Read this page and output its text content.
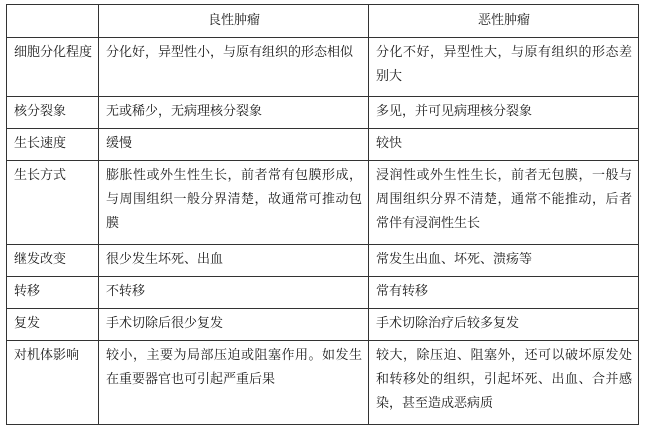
	良性肿瘤	恶性肿瘤
细胞分化程度	分化好，异型性小，与原有组织的形态相似	分化不好，异型性大，与原有组织的形态差别大
核分裂象	无或稀少，无病理核分裂象	多见，并可见病理核分裂象
生长速度	缓慢	较快
生长方式	膨胀性或外生性生长，前者常有包膜形成，与周围组织一般分界清楚，故通常可推动包膜	浸润性或外生性生长，前者无包膜，一般与周围组织分界不清楚，通常不能推动，后者常伴有浸润性生长
继发改变	很少发生坏死、出血	常发生出血、坏死、溃疡等
转移	不转移	常有转移
复发	手术切除后很少复发	手术切除治疗后较多复发
对机体影响	较小，主要为局部压迫或阻塞作用。如发生在重要器官也可引起严重后果	较大，除压迫、阻塞外，还可以破坏原发处和转移处的组织，引起坏死、出血、合并感染，甚至造成恶病质
